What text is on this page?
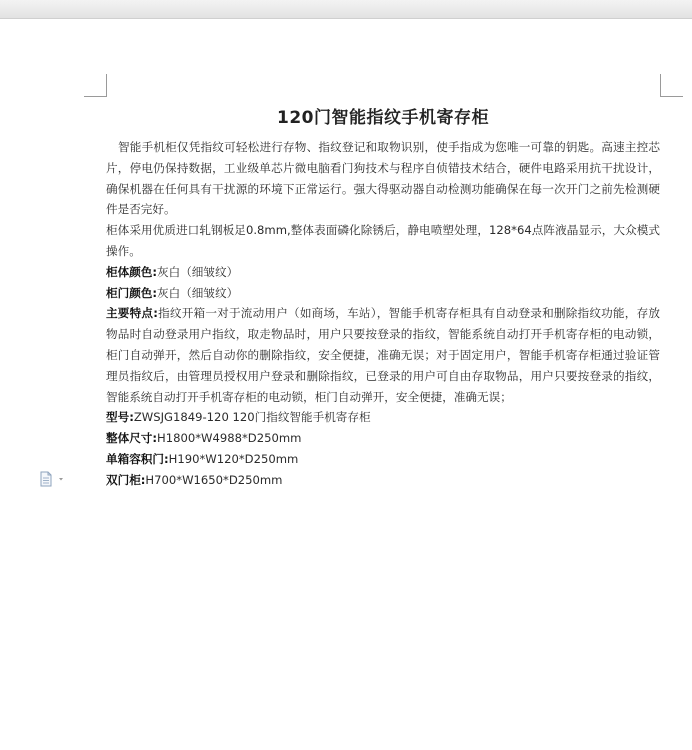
120门智能指纹手机寄存柜

智能手机柜仅凭指纹可轻松进行存物、指纹登记和取物识别，使手指成为您唯一可靠的钥匙。高速主控芯片，停电仍保持数据，工业级单芯片微电脑看门狗技术与程序自侦错技术结合，硬件电路采用抗干扰设计，确保机器在任何具有干扰源的环境下正常运行。强大得驱动器自动检测功能确保在每一次开门之前先检测硬件是否完好。

柜体采用优质进口轧钢板足0.8mm,整体表面磷化除锈后，静电喷塑处理，128*64点阵液晶显示，大众模式操作。

柜体颜色:灰白（细皱纹）

柜门颜色:灰白（细皱纹）

主要特点:指纹开箱一对于流动用户（如商场，车站），智能手机寄存柜具有自动登录和删除指纹功能，存放物品时自动登录用户指纹，取走物品时，用户只要按登录的指纹，智能系统自动打开手机寄存柜的电动锁，柜门自动弹开，然后自动你的删除指纹，安全便捷，准确无误；对于固定用户，智能手机寄存柜通过验证管理员指纹后，由管理员授权用户登录和删除指纹，已登录的用户可自由存取物品，用户只要按登录的指纹，智能系统自动打开手机寄存柜的电动锁，柜门自动弹开，安全便捷，准确无误；

型号:ZWSJG1849-120 120门指纹智能手机寄存柜

整体尺寸:H1800*W4988*D250mm

单箱容积门:H190*W120*D250mm

双门柜:H700*W1650*D250mm
